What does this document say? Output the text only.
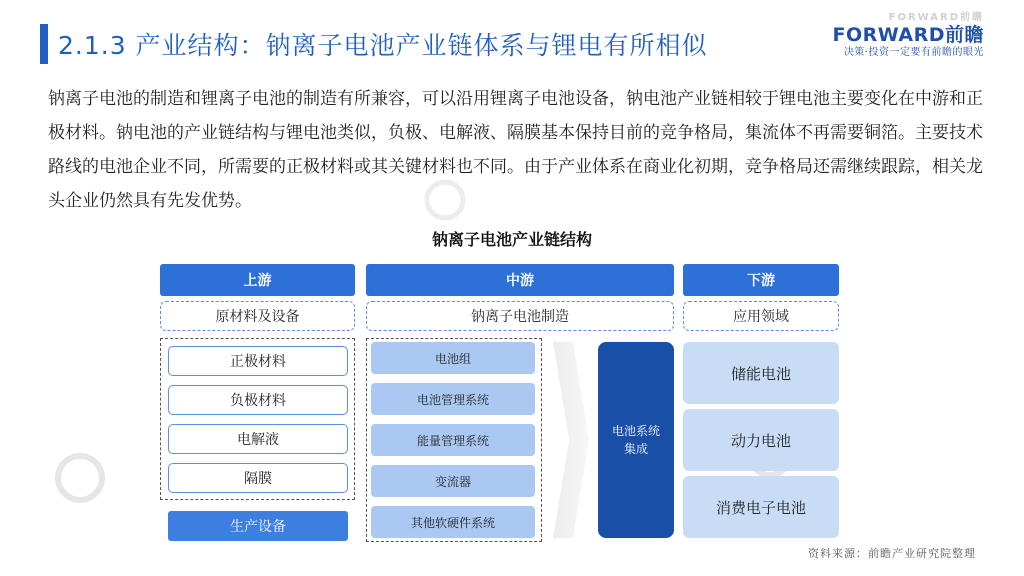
2.1.3 产业结构：钠离子电池产业链体系与锂电有所相似
FORWARD前瞻
FORWARD前瞻
决策·投资一定要有前瞻的眼光

钠离子电池的制造和锂离子电池的制造有所兼容，可以沿用锂离子电池设备，钠电池产业链相较于锂电池主要变化在中游和正极材料。钠电池的产业链结构与锂电池类似，负极、电解液、隔膜基本保持目前的竞争格局，集流体不再需要铜箔。主要技术路线的电池企业不同，所需要的正极材料或其关键材料也不同。由于产业体系在商业化初期，竞争格局还需继续跟踪，相关龙头企业仍然具有先发优势。

钠离子电池产业链结构
上游	中游	下游
原材料及设备	钠离子电池制造	应用领域
正极材料
负极材料
电解液
隔膜
生产设备
电池组
电池管理系统
能量管理系统
变流器
其他软硬件系统
电池系统
集成
储能电池
动力电池
消费电子电池
资料来源：前瞻产业研究院整理
